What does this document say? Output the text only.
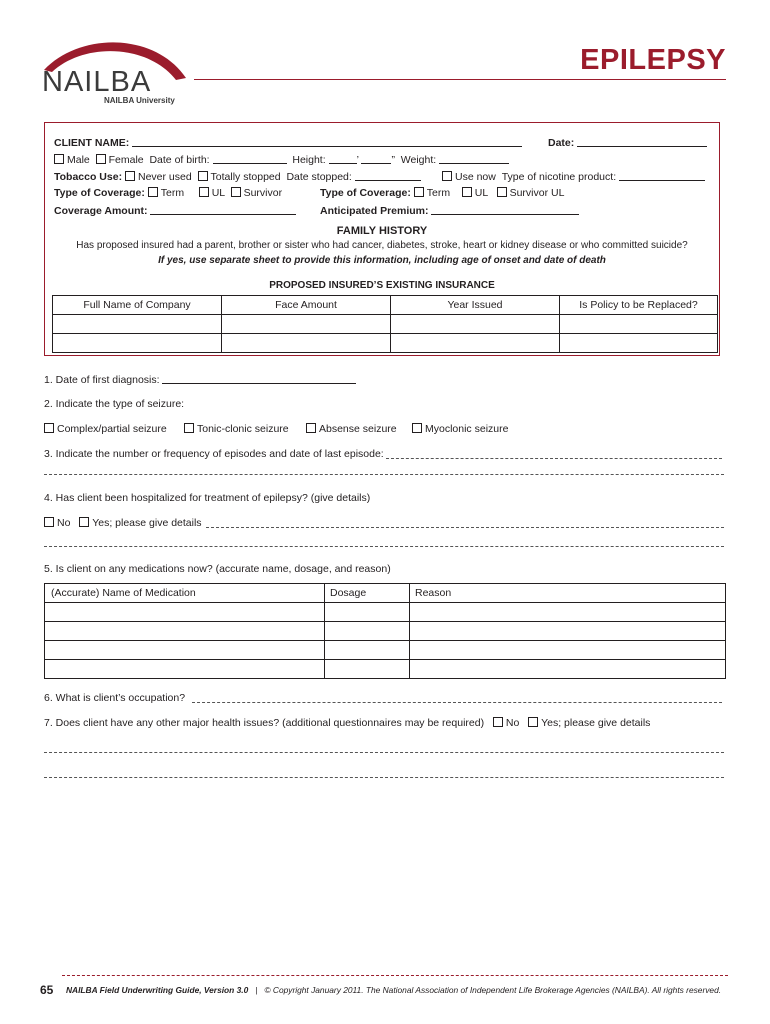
NAILBA
NAILBA University
EPILEPSY
CLIENT NAME:	Date:
Male Female Date of birth:	Height:	’	” Weight:
Tobacco Use: Never used Totally stopped Date stopped:	Use now Type of nicotine product:
Type of Coverage: Term	UL Survivor	Type of Coverage: Term UL Survivor UL
Coverage Amount:	Anticipated Premium:
FAMILY HISTORY
Has proposed insured had a parent, brother or sister who had cancer, diabetes, stroke, heart or kidney disease or who committed suicide?
If yes, use separate sheet to provide this information, including age of onset and date of death
PROPOSED INSURED’S EXISTING INSURANCE
Full Name of Company	Face Amount	Year Issued	Is Policy to be Replaced?

1. Date of first diagnosis:
2. Indicate the type of seizure:
Complex/partial seizure	Tonic-clonic seizure	Absense seizure	Myoclonic seizure
3. Indicate the number or frequency of episodes and date of last episode:
4. Has client been hospitalized for treatment of epilepsy? (give details)
No Yes; please give details
5. Is client on any medications now? (accurate name, dosage, and reason)
(Accurate) Name of Medication	Dosage	Reason

6. What is client’s occupation?
7. Does client have any other major health issues? (additional questionnaires may be required) No Yes; please give details
65 NAILBA Field Underwriting Guide, Version 3.0 | © Copyright January 2011. The National Association of Independent Life Brokerage Agencies (NAILBA). All rights reserved.
